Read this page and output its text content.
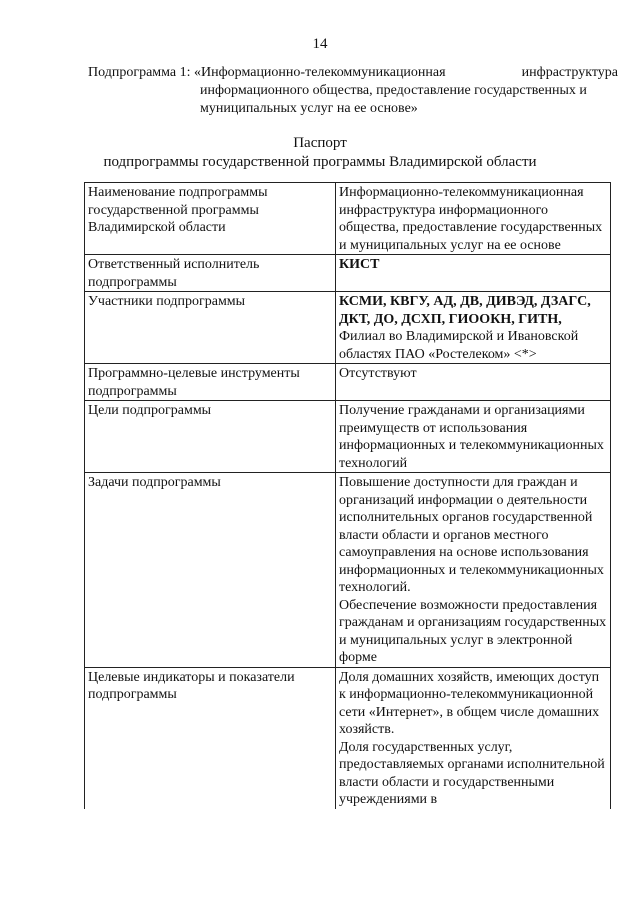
14
Подпрограмма 1: «Информационно-телекоммуникационная	инфраструктура
информационного общества, предоставление государственных и
муниципальных услуг на ее основе»
Паспорт
подпрограммы государственной программы Владимирской области
Наименование подпрограммы государственной программы Владимирской области	Информационно-телекоммуникационная инфраструктура информационного общества, предоставление государственных и муниципальных услуг на ее основе
Ответственный исполнитель подпрограммы	КИСТ
Участники подпрограммы	КСМИ, КВГУ, АД, ДВ, ДИВЭД, ДЗАГС, ДКТ, ДО, ДСХП, ГИООКН, ГИТН,
Филиал во Владимирской и Ивановской областях ПАО «Ростелеком» <*>

Программно-целевые инструменты подпрограммы	Отсутствуют
Цели подпрограммы	Получение гражданами и организациями преимуществ от использования информационных и телекоммуникационных технологий
Задачи подпрограммы	Повышение доступности для граждан и организаций информации о деятельности исполнительных органов государственной власти области и органов местного самоуправления на основе использования информационных и телекоммуникационных технологий.
Обеспечение возможности предоставления гражданам и организациям государственных и муниципальных услуг в электронной форме

Целевые индикаторы и показатели подпрограммы	Доля домашних хозяйств, имеющих доступ к информационно-телекоммуникационной сети «Интернет», в общем числе домашних хозяйств.
Доля государственных услуг, предоставляемых органами исполнительной власти области и государственными учреждениями в
